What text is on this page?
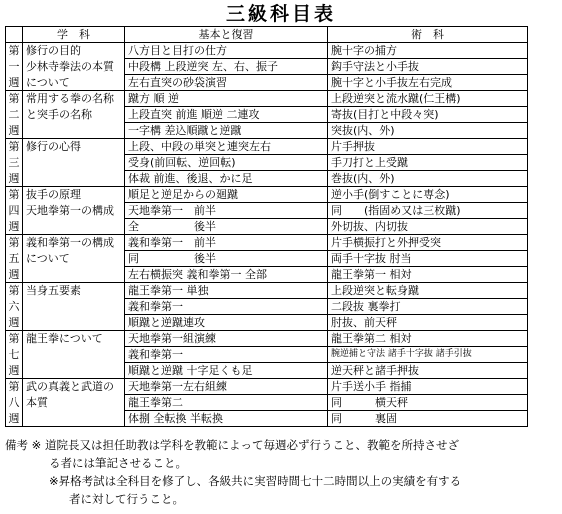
三級科目表
	学　科	基本と復習	術　科
第	修行の目的	八方目と目打の仕方	腕十字の捕方
一	少林寺拳法の本質	中段構 上段逆突 左、右、振子	鈎手守法と小手抜
週	について	左右直突の砂袋演習	腕十字と小手抜左右完成
第	常用する拳の名称	蹴方 順 逆	上段逆突と流水蹴(仁王構)
二	と突手の名称	上段直突 前進 順逆 二連攻	寄抜(目打と中段々突)
週		一字構 差込順蹴と逆蹴	突抜(内、外)
第	修行の心得	上段、中段の単突と連突左右	片手押抜
三		受身(前回転、逆回転)	手刀打と上受蹴
週		体裁 前進、後退、かに足	巻抜(内、外)
第	抜手の原理	順足と逆足からの廻蹴	逆小手(倒すことに専念)
四	天地拳第一の構成	天地拳第一　前半	同　　(指固め又は三枚蹴)
週		全　　　　　後半	外切抜、内切抜
第	義和拳第一の構成	義和拳第一　前半	片手横振打と外押受突
五	について	同　　　　　後半	両手十字抜 肘当
週		左右横振突 義和拳第一 全部	龍王拳第一 相対
第	当身五要素	龍王拳第一 単独	上段逆突と転身蹴
六		義和拳第一	二段抜 裏拳打
週		順蹴と逆蹴連攻	肘抜、前天秤
第	龍王拳について	天地拳第一組演練	龍王拳第二 相対
七		義和拳第一	腕逆捕と守法 諸手十字抜 諸手引抜
週		順蹴と逆蹴 十字足くも足	逆天秤と諸手押抜
第	武の真義と武道の	天地拳第一左右組練	片手送小手 指捕
八	本質	龍王拳第二	同　　　横天秤
週		体捌 全転換 半転換	同　　　裏固
備考 ※ 道院長又は担任助教は学科を教範によって毎週必ず行うこと、教範を所持させざ
る者には筆記させること。
※昇格考試は全科目を修了し、各級共に実習時間七十二時間以上の実績を有する
者に対して行うこと。
